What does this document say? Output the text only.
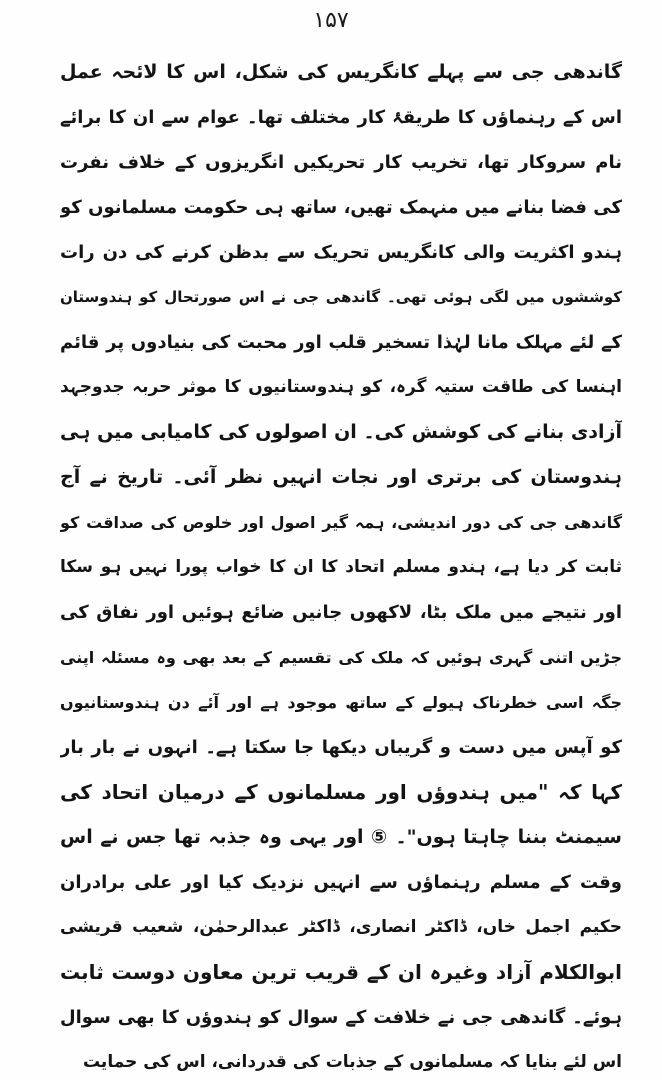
۱۵۷
گاندھی جی سے پہلے کانگریس کی شکل، اس کا لائحہ عمل
اس کے رہنماؤں کا طریقۂ کار مختلف تھا۔ عوام سے ان کا برائے
نام سروکار تھا، تخریب کار تحریکیں انگریزوں کے خلاف نفرت
کی فضا بنانے میں منہمک تھیں، ساتھ ہی حکومت مسلمانوں کو
ہندو اکثریت والی کانگریس تحریک سے بدظن کرنے کی دن رات
کوششوں میں لگی ہوئی تھی۔ گاندھی جی نے اس صورتحال کو ہندوستان
کے لئے مہلک مانا لہٰذا تسخیر قلب اور محبت کی بنیادوں پر قائم
اہنسا کی طاقت ستیہ گرہ، کو ہندوستانیوں کا موثر حربہ جدوجہد
آزادی بنانے کی کوشش کی۔ ان اصولوں کی کامیابی میں ہی
ہندوستان کی برتری اور نجات انہیں نظر آئی۔ تاریخ نے آج
گاندھی جی کی دور اندیشی، ہمہ گیر اصول اور خلوص کی صداقت کو
ثابت کر دیا ہے، ہندو مسلم اتحاد کا ان کا خواب پورا نہیں ہو سکا
اور نتیجے میں ملک بٹا، لاکھوں جانیں ضائع ہوئیں اور نفاق کی
جڑیں اتنی گہری ہوئیں کہ ملک کی تقسیم کے بعد بھی وہ مسئلہ اپنی
جگہ اسی خطرناک ہیولے کے ساتھ موجود ہے اور آئے دن ہندوستانیوں
کو آپس میں دست و گریباں دیکھا جا سکتا ہے۔ انہوں نے بار بار
کہا کہ "میں ہندوؤں اور مسلمانوں کے درمیان اتحاد کی
سیمنٹ بننا چاہتا ہوں"۔ ⑤ اور یہی وہ جذبہ تھا جس نے اس
وقت کے مسلم رہنماؤں سے انہیں نزدیک کیا اور علی برادران
حکیم اجمل خاں، ڈاکٹر انصاری، ڈاکٹر عبدالرحمٰن، شعیب قریشی
ابوالکلام آزاد وغیرہ ان کے قریب ترین معاون دوست ثابت
ہوئے۔ گاندھی جی نے خلافت کے سوال کو ہندوؤں کا بھی سوال
اس لئے بنایا کہ مسلمانوں کے جذبات کی قدردانی، اس کی حمایت
